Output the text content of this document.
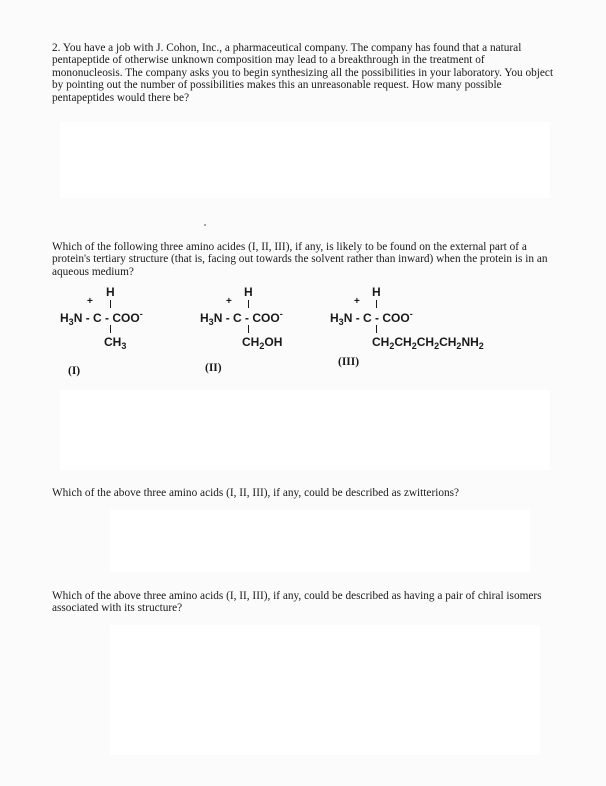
2. You have a job with J. Cohon, Inc., a pharmaceutical company. The company has found that a natural pentapeptide of otherwise unknown composition may lead to a breakthrough in the treatment of mononucleosis. The company asks you to begin synthesizing all the possibilities in your laboratory. You object by pointing out the number of possibilities makes this an unreasonable request. How many possible pentapeptides would there be?
Which of the following three amino acides (I, II, III), if any, is likely to be found on the external part of a protein's tertiary structure (that is, facing out towards the solvent rather than inward) when the protein is in an aqueous medium?
H
+
$H_3N$ - C - COO-
$CH_3$
(I)
H
+
$H_3N$ - C - COO-
$CH_2OH$
(II)
H
+
$H_3N$ - C - COO-
$CH_2CH_2CH_2CH_2NH_2$
(III)
Which of the above three amino acids (I, II, III), if any, could be described as zwitterions?
Which of the above three amino acids (I, II, III), if any, could be described as having a pair of chiral isomers associated with its structure?
